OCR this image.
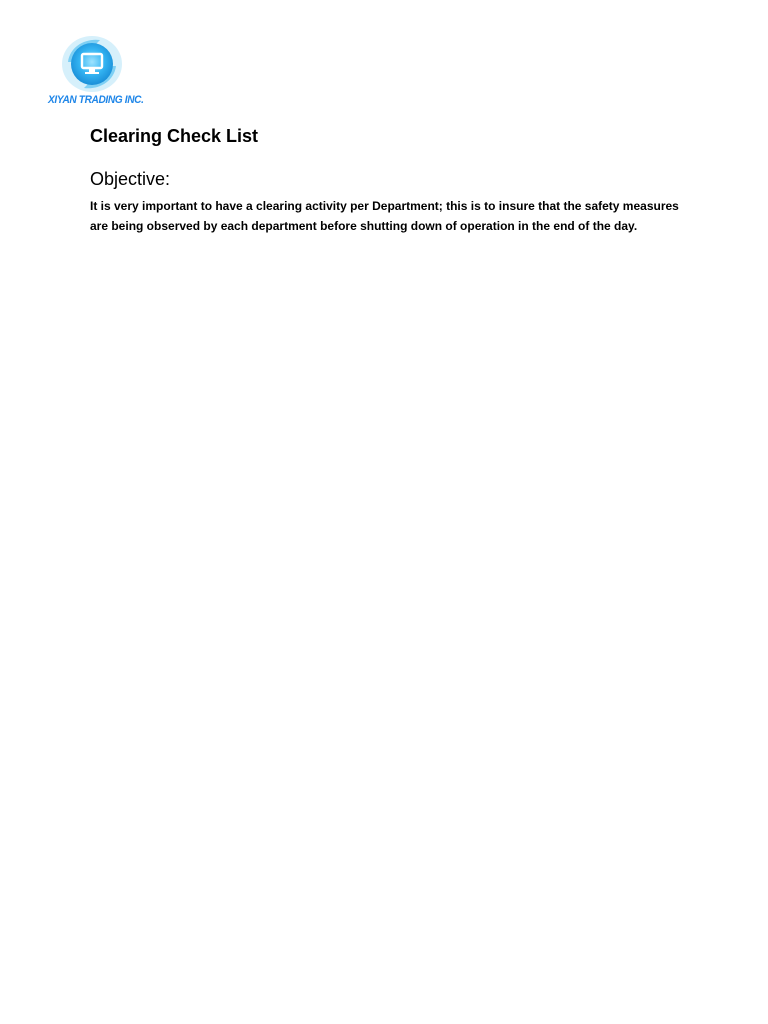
XIYAN TRADING INC.
Clearing Check List
Objective:

It is very important to have a clearing activity per Department; this is to insure that the safety measures are being observed by each department before shutting down of operation in the end of the day.
